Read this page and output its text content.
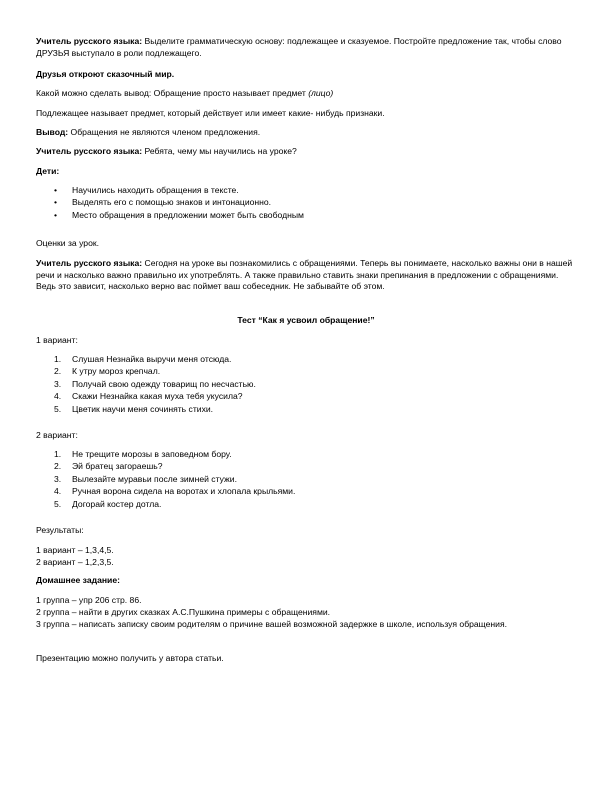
Учитель русского языка: Выделите грамматическую основу: подлежащее и сказуемое. Постройте предложение так, чтобы слово ДРУЗЬЯ выступало в роли подлежащего.

Друзья откроют сказочный мир.

Какой можно сделать вывод: Обращение просто называет предмет (лицо)

Подлежащее называет предмет, который действует или имеет какие- нибудь признаки.

Вывод: Обращения не являются членом предложения.

Учитель русского языка: Ребята, чему мы научились на уроке?

Дети:

• Научились находить обращения в тексте.
• Выделять его с помощью знаков и интонационно.
• Место обращения в предложении может быть свободным

Оценки за урок.

Учитель русского языка: Сегодня на уроке вы познакомились с обращениями. Теперь вы понимаете, насколько важны они в нашей речи и насколько важно правильно их употреблять. А также правильно ставить знаки препинания в предложении с обращениями. Ведь это зависит, насколько верно вас поймет ваш собеседник. Не забывайте об этом.

Тест “Как я усвоил обращение!”

1 вариант:

1. Слушая Незнайка выручи меня отсюда.
2. К утру мороз крепчал.
3. Получай свою одежду товарищ по несчастью.
4. Скажи Незнайка какая муха тебя укусила?
5. Цветик научи меня сочинять стихи.

2 вариант:

1. Не трещите морозы в заповедном бору.
2. Эй братец загораешь?
3. Вылезайте муравьи после зимней стужи.
4. Ручная ворона сидела на воротах и хлопала крыльями.
5. Догорай костер дотла.

Результаты:

1 вариант – 1,3,4,5.

2 вариант – 1,2,3,5.

Домашнее задание:

1 группа – упр 206 стр. 86.

2 группа – найти в других сказках А.С.Пушкина примеры с обращениями.

3 группа – написать записку своим родителям о причине вашей возможной задержке в школе, используя обращения.

Презентацию можно получить у автора статьи.
